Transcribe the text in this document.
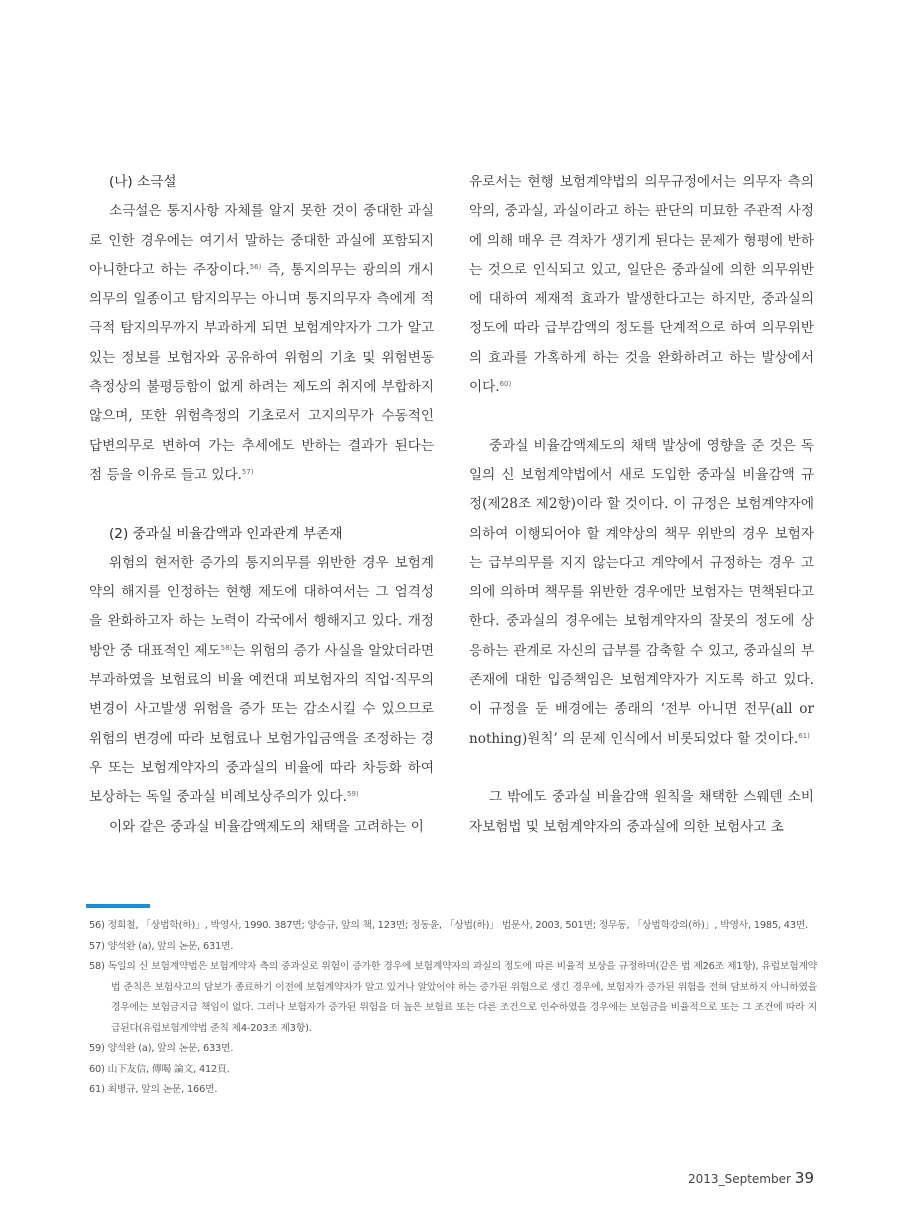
(나) 소극설

소극설은 통지사항 자체를 알지 못한 것이 중대한 과실로 인한 경우에는 여기서 말하는 중대한 과실에 포함되지 아니한다고 하는 주장이다.$^{56)}$ 즉, 통지의무는 광의의 개시의무의 일종이고 탐지의무는 아니며 통지의무자 측에게 적극적 탐지의무까지 부과하게 되면 보험계약자가 그가 알고 있는 정보를 보험자와 공유하여 위험의 기초 및 위험변동 측정상의 불평등함이 없게 하려는 제도의 취지에 부합하지 않으며, 또한 위험측정의 기초로서 고지의무가 수동적인 답변의무로 변하여 가는 추세에도 반하는 결과가 된다는 점 등을 이유로 들고 있다.$^{57)}$

(2) 중과실 비율감액과 인과관계 부존재

위험의 현저한 증가의 통지의무를 위반한 경우 보험계약의 해지를 인정하는 현행 제도에 대하여서는 그 엄격성을 완화하고자 하는 노력이 각국에서 행해지고 있다. 개정방안 중 대표적인 제도$^{58)}$는 위험의 증가 사실을 알았더라면 부과하였을 보험료의 비율 예컨대 피보험자의 직업·직무의 변경이 사고발생 위험을 증가 또는 감소시킬 수 있으므로 위험의 변경에 따라 보험료나 보험가입금액을 조정하는 경우 또는 보험계약자의 중과실의 비율에 따라 차등화 하여 보상하는 독일 중과실 비례보상주의가 있다.$^{59)}$

이와 같은 중과실 비율감액제도의 채택을 고려하는 이

유로서는 현행 보험계약법의 의무규정에서는 의무자 측의 악의, 중과실, 과실이라고 하는 판단의 미묘한 주관적 사정에 의해 매우 큰 격차가 생기게 된다는 문제가 형평에 반하는 것으로 인식되고 있고, 일단은 중과실에 의한 의무위반에 대하여 제재적 효과가 발생한다고는 하지만, 중과실의 정도에 따라 급부감액의 정도를 단계적으로 하여 의무위반의 효과를 가혹하게 하는 것을 완화하려고 하는 발상에서이다.$^{60)}$

중과실 비율감액제도의 채택 발상에 영향을 준 것은 독일의 신 보험계약법에서 새로 도입한 중과실 비율감액 규정(제28조 제2항)이라 할 것이다. 이 규정은 보험계약자에 의하여 이행되어야 할 계약상의 책무 위반의 경우 보험자는 급부의무를 지지 않는다고 계약에서 규정하는 경우 고의에 의하며 책무를 위반한 경우에만 보험자는 면책된다고 한다. 중과실의 경우에는 보험계약자의 잘못의 정도에 상응하는 관계로 자신의 급부를 감축할 수 있고, 중과실의 부존재에 대한 입증책임은 보험계약자가 지도록 하고 있다. 이 규정을 둔 배경에는 종래의 ‘전부 아니면 전무(all or nothing)원칙’ 의 문제 인식에서 비롯되었다 할 것이다.$^{61)}$

그 밖에도 중과실 비율감액 원칙을 채택한 스웨덴 소비자보험법 및 보험계약자의 중과실에 의한 보험사고 초

56) 정희철, 「상법학(하)」, 박영사, 1990. 387면; 양승규, 앞의 책, 123면; 정동윤, 「상법(하)」 법문사, 2003, 501면; 정무동, 「상법학강의(하)」, 박영사, 1985, 43면.

57) 양석완 (a), 앞의 논문, 631면.

58) 독일의 신 보험계약법은 보험계약자 측의 중과실로 위험이 증가한 경우에 보험계약자의 과실의 정도에 따른 비율적 보상을 규정하며(같은 법 제26조 제1항), 유럽보험계약법 준칙은 보험사고의 담보가 종료하기 이전에 보험계약자가 알고 있거나 알았어야 하는 증가된 위험으로 생긴 경우에, 보험자가 증가된 위험을 전혀 담보하지 아니하였을 경우에는 보험금지급 책임이 없다. 그러나 보험자가 증가된 위험을 더 높은 보험료 또는 다른 조건으로 인수하였을 경우에는 보험금을 비율적으로 또는 그 조건에 따라 지급된다(유럽보험계약법 준칙 제4-203조 제3항).

59) 양석완 (a), 앞의 논문, 633면.

60) 山下友信, 傳喝 論文, 412頁.

61) 최병규, 앞의 논문, 166면.

2013_September 39
